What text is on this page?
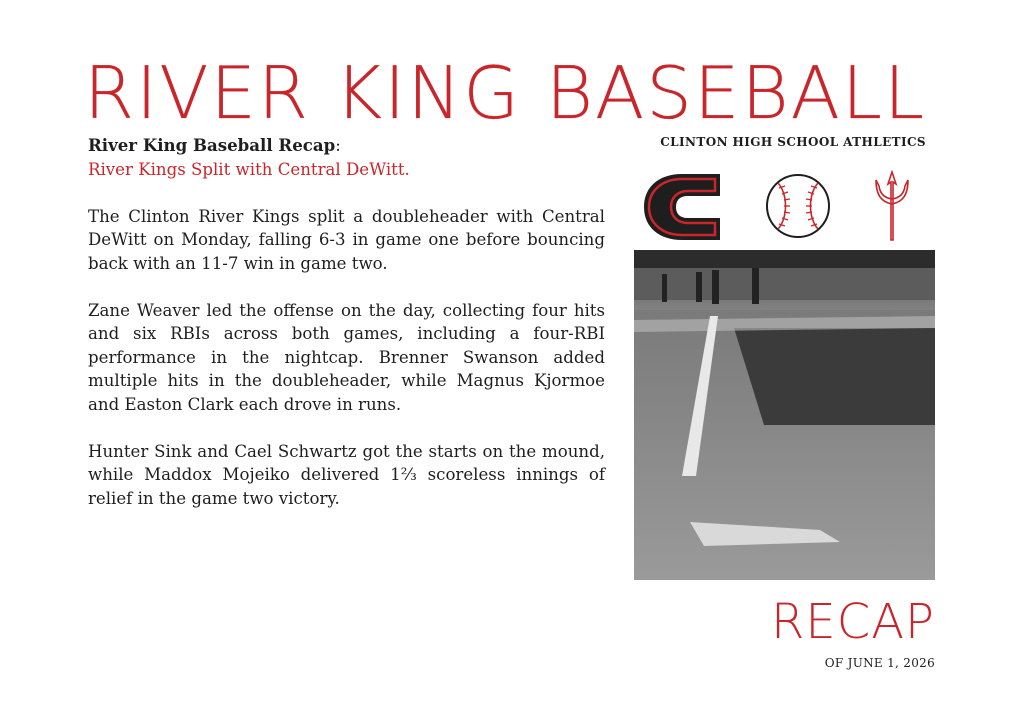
RIVER KING BASEBALL
CLINTON HIGH SCHOOL ATHLETICS
River King Baseball Recap:
River Kings Split with Central DeWitt.

The Clinton River Kings split a doubleheader with Central DeWitt on Monday, falling 6-3 in game one before bouncing back with an 11-7 win in game two.

Zane Weaver led the offense on the day, collecting four hits and six RBIs across both games, including a four-RBI performance in the nightcap. Brenner Swanson added multiple hits in the doubleheader, while Magnus Kjormoe and Easton Clark each drove in runs.

Hunter Sink and Cael Schwartz got the starts on the mound, while Maddox Mojeiko delivered 1⅔ scoreless innings of relief in the game two victory.

RECAP
OF JUNE 1, 2026
